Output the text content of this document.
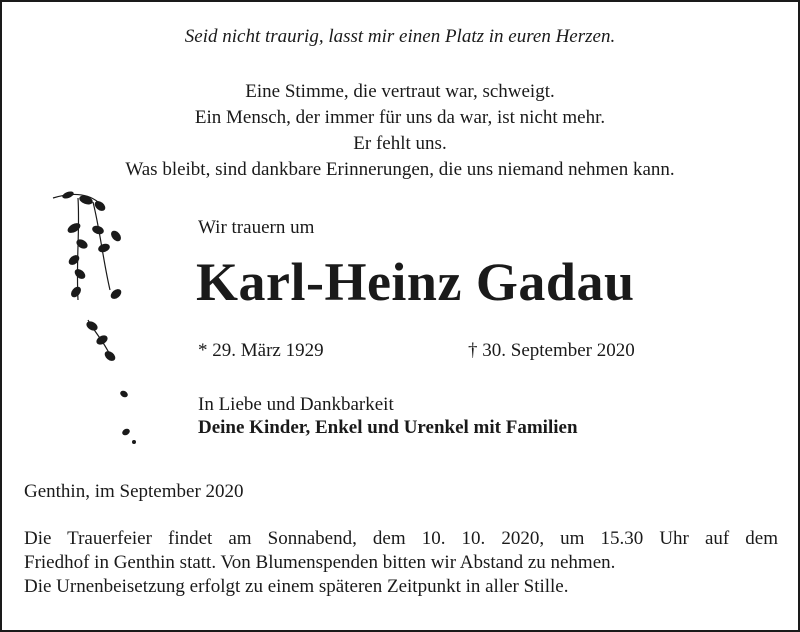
Seid nicht traurig, lasst mir einen Platz in euren Herzen.
Eine Stimme, die vertraut war, schweigt.
Ein Mensch, der immer für uns da war, ist nicht mehr.
Er fehlt uns.
Was bleibt, sind dankbare Erinnerungen, die uns niemand nehmen kann.
Wir trauern um
Karl-Heinz Gadau
* 29. März 1929	† 30. September 2020
In Liebe und Dankbarkeit
Deine Kinder, Enkel und Urenkel mit Familien
Genthin, im September 2020
Die Trauerfeier findet am Sonnabend, dem 10. 10. 2020, um 15.30 Uhr auf dem
Friedhof in Genthin statt. Von Blumenspenden bitten wir Abstand zu nehmen.
Die Urnenbeisetzung erfolgt zu einem späteren Zeitpunkt in aller Stille.
